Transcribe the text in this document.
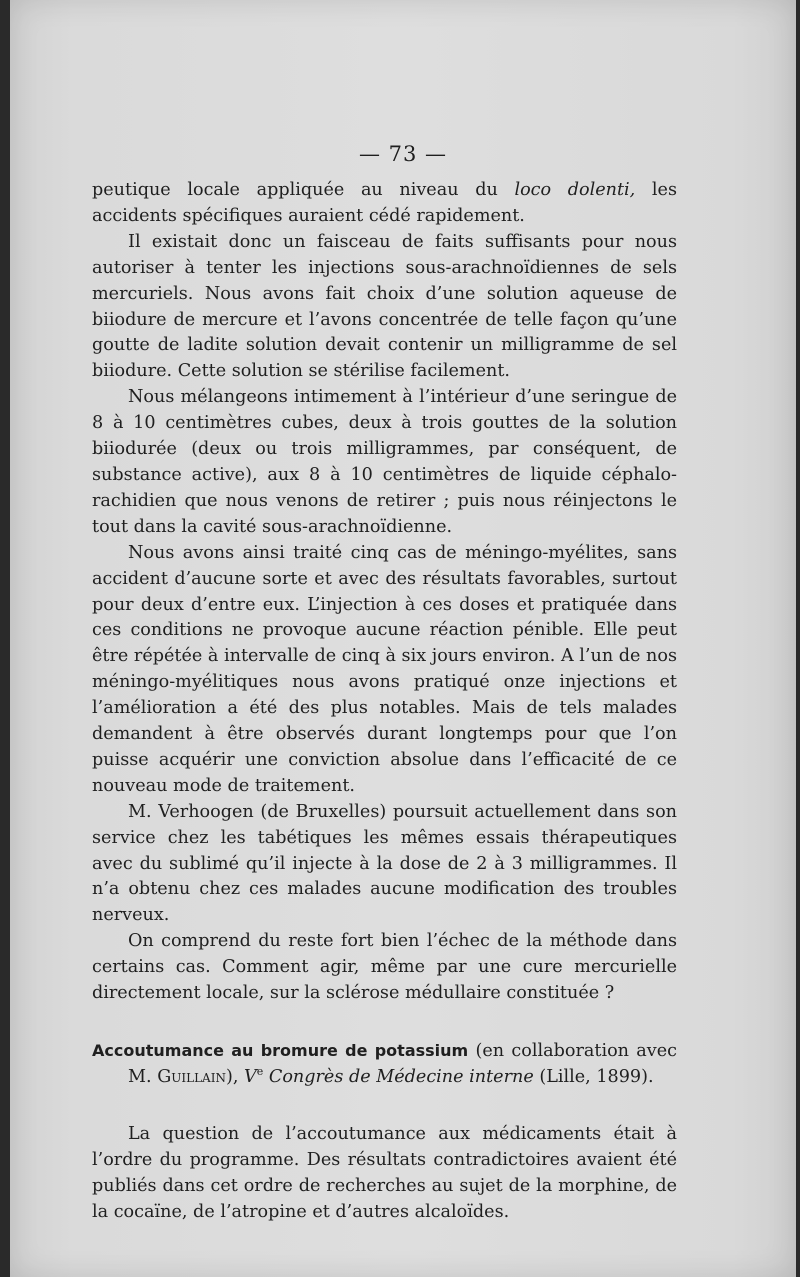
— 73 —

peutique locale appliquée au niveau du loco dolenti, les accidents spécifiques auraient cédé rapidement.

Il existait donc un faisceau de faits suffisants pour nous autoriser à tenter les injections sous-arachnoïdiennes de sels mercuriels. Nous avons fait choix d’une solution aqueuse de biiodure de mercure et l’avons concentrée de telle façon qu’une goutte de ladite solution devait contenir un milligramme de sel biiodure. Cette solution se stérilise facilement.

Nous mélangeons intimement à l’intérieur d’une seringue de 8 à 10 centimètres cubes, deux à trois gouttes de la solution biiodurée (deux ou trois milligrammes, par conséquent, de substance active), aux 8 à 10 centimètres de liquide céphalo-rachidien que nous venons de retirer ; puis nous réinjectons le tout dans la cavité sous-arachnoïdienne.

Nous avons ainsi traité cinq cas de méningo-myélites, sans accident d’aucune sorte et avec des résultats favorables, surtout pour deux d’entre eux. L’injection à ces doses et pratiquée dans ces conditions ne provoque aucune réaction pénible. Elle peut être répétée à intervalle de cinq à six jours environ. A l’un de nos méningo-myélitiques nous avons pratiqué onze injections et l’amélioration a été des plus notables. Mais de tels malades demandent à être observés durant longtemps pour que l’on puisse acquérir une conviction absolue dans l’efficacité de ce nouveau mode de traitement.

M. Verhoogen (de Bruxelles) poursuit actuellement dans son service chez les tabétiques les mêmes essais thérapeutiques avec du sublimé qu’il injecte à la dose de 2 à 3 milligrammes. Il n’a obtenu chez ces malades aucune modification des troubles nerveux.

On comprend du reste fort bien l’échec de la méthode dans certains cas. Comment agir, même par une cure mercurielle directement locale, sur la sclérose médullaire constituée ?

Accoutumance au bromure de potassium (en collaboration avec M. Guillain), Ve Congrès de Médecine interne (Lille, 1899).

La question de l’accoutumance aux médicaments était à l’ordre du programme. Des résultats contradictoires avaient été publiés dans cet ordre de recherches au sujet de la morphine, de la cocaïne, de l’atropine et d’autres alcaloïdes.
